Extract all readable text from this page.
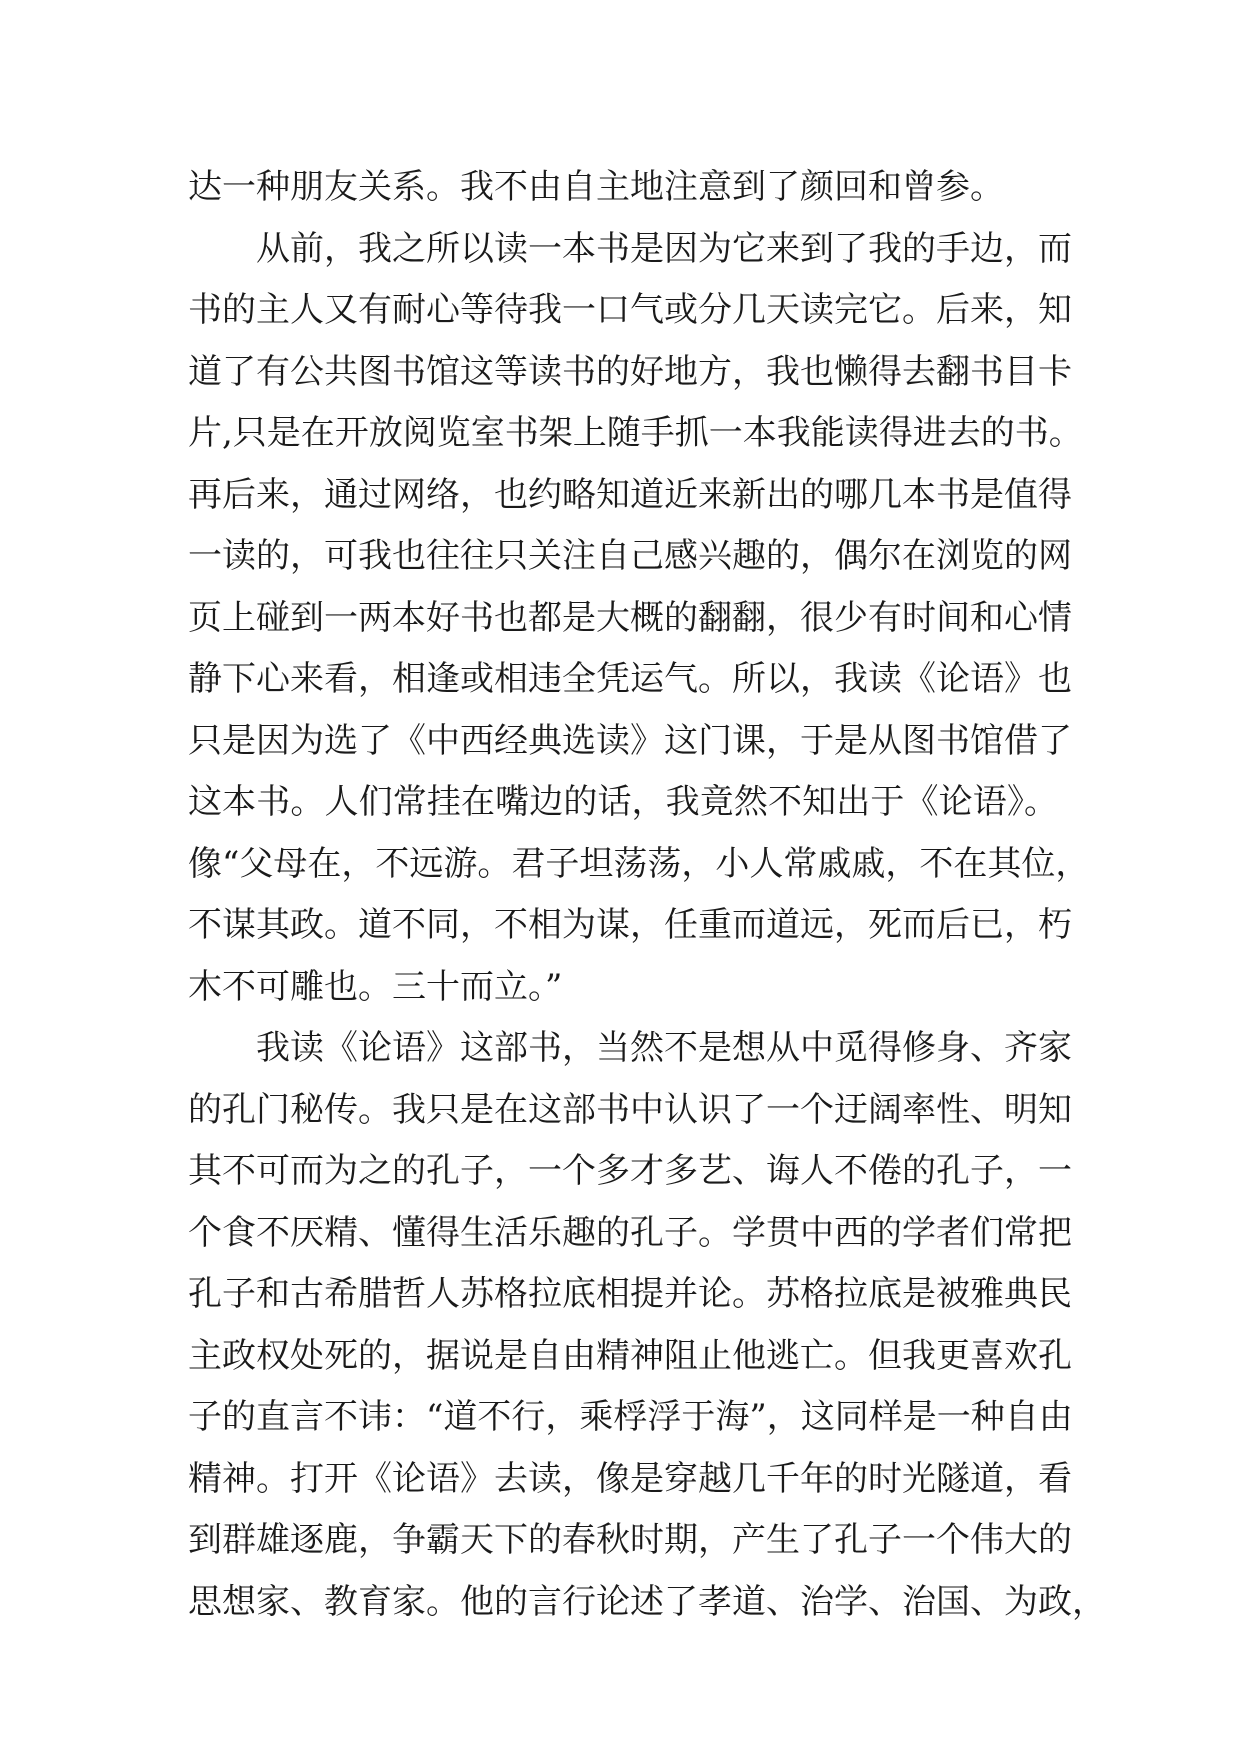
达一种朋友关系。我不由自主地注意到了颜回和曾参。
从前，我之所以读一本书是因为它来到了我的手边，而
书的主人又有耐心等待我一口气或分几天读完它。后来，知
道了有公共图书馆这等读书的好地方，我也懒得去翻书目卡
片,只是在开放阅览室书架上随手抓一本我能读得进去的书。
再后来，通过网络，也约略知道近来新出的哪几本书是值得
一读的，可我也往往只关注自己感兴趣的，偶尔在浏览的网
页上碰到一两本好书也都是大概的翻翻，很少有时间和心情
静下心来看，相逢或相违全凭运气。所以，我读《论语》也
只是因为选了《中西经典选读》这门课，于是从图书馆借了
这本书。人们常挂在嘴边的话，我竟然不知出于《论语》。
像“父母在，不远游。君子坦荡荡，小人常戚戚，不在其位，
不谋其政。道不同，不相为谋，任重而道远，死而后已，朽
木不可雕也。三十而立。”
我读《论语》这部书，当然不是想从中觅得修身、齐家
的孔门秘传。我只是在这部书中认识了一个迂阔率性、明知
其不可而为之的孔子，一个多才多艺、诲人不倦的孔子，一
个食不厌精、懂得生活乐趣的孔子。学贯中西的学者们常把
孔子和古希腊哲人苏格拉底相提并论。苏格拉底是被雅典民
主政权处死的，据说是自由精神阻止他逃亡。但我更喜欢孔
子的直言不讳：“道不行，乘桴浮于海”，这同样是一种自由
精神。打开《论语》去读，像是穿越几千年的时光隧道，看
到群雄逐鹿，争霸天下的春秋时期，产生了孔子一个伟大的
思想家、教育家。他的言行论述了孝道、治学、治国、为政，
